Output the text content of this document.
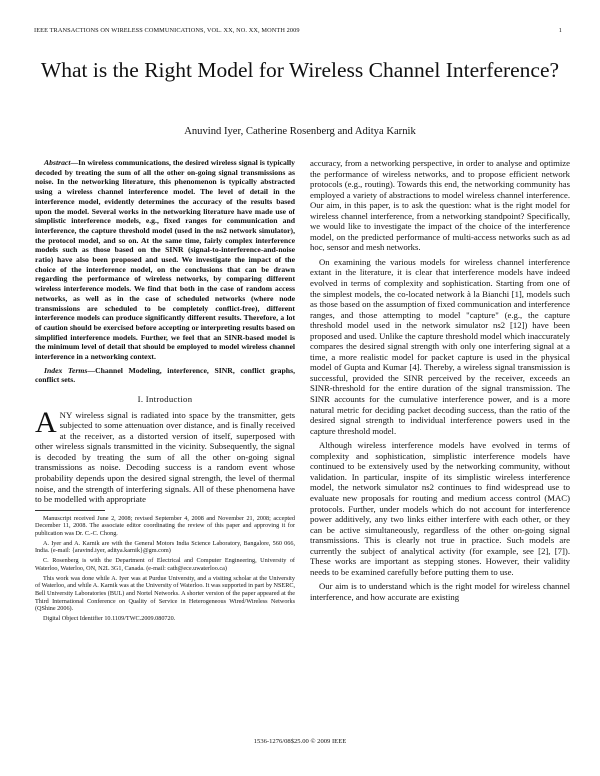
IEEE TRANSACTIONS ON WIRELESS COMMUNICATIONS, VOL. XX, NO. XX, MONTH 2009	1
What is the Right Model for Wireless Channel Interference?
Anuvind Iyer, Catherine Rosenberg and Aditya Karnik

Abstract—In wireless communications, the desired wireless signal is typically decoded by treating the sum of all the other on-going signal transmissions as noise. In the networking literature, this phenomenon is typically abstracted using a wireless channel interference model. The level of detail in the interference model, evidently determines the accuracy of the results based upon the model. Several works in the networking literature have made use of simplistic interference models, e.g., fixed ranges for communication and interference, the capture threshold model (used in the ns2 network simulator), the protocol model, and so on. At the same time, fairly complex interference models such as those based on the SINR (signal-to-interference-and-noise ratio) have also been proposed and used. We investigate the impact of the choice of the interference model, on the conclusions that can be drawn regarding the performance of wireless networks, by comparing different wireless interference models. We find that both in the case of random access networks, as well as in the case of scheduled networks (where node transmissions are scheduled to be completely conflict-free), different interference models can produce significantly different results. Therefore, a lot of caution should be exercised before accepting or interpreting results based on simplified interference models. Further, we feel that an SINR-based model is the minimum level of detail that should be employed to model wireless channel interference in a networking context.

Index Terms—Channel Modeling, interference, SINR, conflict graphs, conflict sets.

I. Introduction

ANY wireless signal is radiated into space by the transmitter, gets subjected to some attenuation over distance, and is finally received at the receiver, as a distorted version of itself, superposed with other wireless signals transmitted in the vicinity. Subsequently, the signal is decoded by treating the sum of all the other on-going signal transmissions as noise. Decoding success is a random event whose probability depends upon the desired signal strength, the level of thermal noise, and the strength of interfering signals. All of these phenomena have to be modelled with appropriate

Manuscript received June 2, 2008; revised September 4, 2008 and November 21, 2008; accepted December 11, 2008. The associate editor coordinating the review of this paper and approving it for publication was Dr. C.-C. Chong.

A. Iyer and A. Karnik are with the General Motors India Science Laboratory, Bangalore, 560 066, India. (e-mail: {aravind.iyer, aditya.karnik}@gm.com)

C. Rosenberg is with the Department of Electrical and Computer Engineering, University of Waterloo, Waterloo, ON, N2L 3G1, Canada. (e-mail: cath@ece.uwaterloo.ca)

This work was done while A. Iyer was at Purdue University, and a visiting scholar at the University of Waterloo, and while A. Karnik was at the University of Waterloo. It was supported in part by NSERC, Bell University Laboratories (BUL) and Nortel Networks. A shorter version of the paper appeared at the Third International Conference on Quality of Service in Heterogeneous Wired/Wireless Networks (QShine 2006).

Digital Object Identifier 10.1109/TWC.2009.080720.

accuracy, from a networking perspective, in order to analyse and optimize the performance of wireless networks, and to propose efficient network protocols (e.g., routing). Towards this end, the networking community has employed a variety of abstractions to model wireless channel interference. Our aim, in this paper, is to ask the question: what is the right model for wireless channel interference, from a networking standpoint? Specifically, we would like to investigate the impact of the choice of the interference model, on the predicted performance of multi-access networks such as ad hoc, sensor and mesh networks.

On examining the various models for wireless channel interference extant in the literature, it is clear that interference models have indeed evolved in terms of complexity and sophistication. Starting from one of the simplest models, the co-located network à la Bianchi [1], models such as those based on the assumption of fixed communication and interference ranges, and those attempting to model "capture" (e.g., the capture threshold model used in the network simulator ns2 [12]) have been proposed and used. Unlike the capture threshold model which inaccurately compares the desired signal strength with only one interfering signal at a time, a more realistic model for packet capture is used in the physical model of Gupta and Kumar [4]. Thereby, a wireless signal transmission is successful, provided the SINR perceived by the receiver, exceeds an SINR-threshold for the entire duration of the signal transmission. The SINR accounts for the cumulative interference power, and is a more natural metric for deciding packet decoding success, than the ratio of the desired signal strength to individual interference powers used in the capture threshold model.

Although wireless interference models have evolved in terms of complexity and sophistication, simplistic interference models have continued to be extensively used by the networking community, without validation. In particular, inspite of its simplistic wireless interference model, the network simulator ns2 continues to find widespread use to evaluate new proposals for routing and medium access control (MAC) protocols. Further, under models which do not account for interference power additively, any two links either interfere with each other, or they can be active simultaneously, regardless of the other on-going signal transmissions. This is clearly not true in practice. Such models are currently the subject of analytical activity (for example, see [2], [7]). These works are important as stepping stones. However, their validity needs to be examined carefully before putting them to use.

Our aim is to understand which is the right model for wireless channel interference, and how accurate are existing

1536-1276/08$25.00 © 2009 IEEE
